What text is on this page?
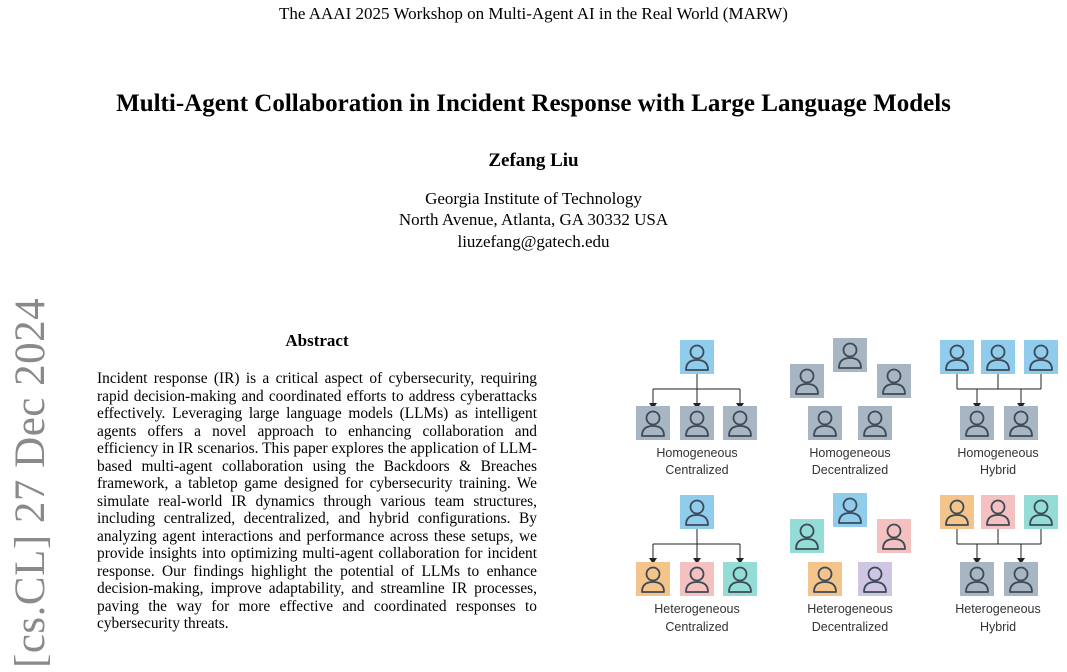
The AAAI 2025 Workshop on Multi-Agent AI in the Real World (MARW)
Multi-Agent Collaboration in Incident Response with Large Language Models
Zefang Liu
Georgia Institute of Technology
North Avenue, Atlanta, GA 30332 USA
liuzefang@gatech.edu
[cs.CL] 27 Dec 2024	Abstract

Incident response (IR) is a critical aspect of cybersecurity, requiring rapid decision-making and coordinated efforts to address cyberattacks effectively. Leveraging large language models (LLMs) as intelligent agents offers a novel approach to enhancing collaboration and efficiency in IR scenarios. This paper explores the application of LLM-based multi-agent collaboration using the Backdoors & Breaches framework, a tabletop game designed for cybersecurity training. We simulate real-world IR dynamics through various team structures, including centralized, decentralized, and hybrid configurations. By analyzing agent interactions and performance across these setups, we provide insights into optimizing multi-agent collaboration for incident response. Our findings highlight the potential of LLMs to enhance decision-making, improve adaptability, and streamline IR processes, paving the way for more effective and coordinated responses to cybersecurity threats.

Homogeneous
Centralized
Homogeneous
Decentralized
Homogeneous
Hybrid
Heterogeneous
Centralized
Heterogeneous
Decentralized
Heterogeneous
Hybrid
